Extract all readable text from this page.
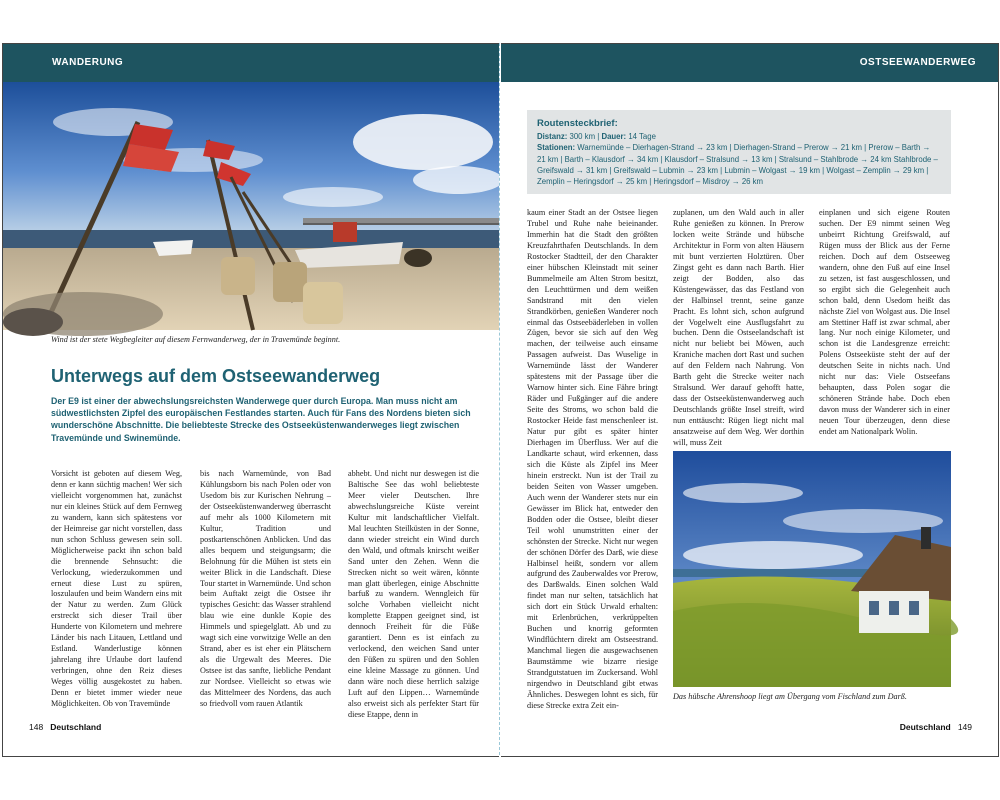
WANDERUNG
Wind ist der stete Wegbegleiter auf diesem Fernwanderweg, der in Travemünde beginnt.
Unterwegs auf dem Ostseewanderweg

Der E9 ist einer der abwechslungsreichsten Wanderwege quer durch Europa. Man muss nicht am südwestlichsten Zipfel des europäischen Festlandes starten. Auch für Fans des Nordens bieten sich wunderschöne Abschnitte. Die beliebteste Strecke des Ostseeküstenwanderweges liegt zwischen Travemünde und Swinemünde.

Vorsicht ist geboten auf diesem Weg, denn er kann süchtig machen! Wer sich vielleicht vorgenommen hat, zunächst nur ein kleines Stück auf dem Fernweg zu wandern, kann sich spätestens vor der Heimreise gar nicht vorstellen, dass nun schon Schluss gewesen sein soll. Möglicherweise packt ihn schon bald die brennende Sehnsucht: die Verlockung, wiederzukommen und erneut diese Lust zu spüren, loszulaufen und beim Wandern eins mit der Natur zu werden. Zum Glück erstreckt sich dieser Trail über Hunderte von Kilometern und mehrere Länder bis nach Litauen, Lettland und Estland. Wanderlustige können jahrelang ihre Urlaube dort laufend verbringen, ohne den Reiz dieses Weges völlig ausgekostet zu haben. Denn er bietet immer wieder neue Möglichkeiten. Ob von Travemünde

bis nach Warnemünde, von Bad Kühlungsborn bis nach Polen oder von Usedom bis zur Kurischen Nehrung – der Ostseeküstenwanderweg überrascht auf mehr als 1000 Kilometern mit Kultur, Tradition und postkartenschönen Anblicken. Und das alles bequem und steigungsarm; die Belohnung für die Mühen ist stets ein weiter Blick in die Landschaft. Diese Tour startet in Warnemünde. Und schon beim Auftakt zeigt die Ostsee ihr typisches Gesicht: das Wasser strahlend blau wie eine dunkle Kopie des Himmels und spiegelglatt. Ab und zu wagt sich eine vorwitzige Welle an den Strand, aber es ist eher ein Plätschern als die Urgewalt des Meeres. Die Ostsee ist das sanfte, liebliche Pendant zur Nordsee. Vielleicht so etwas wie das Mittelmeer des Nordens, das auch so friedvoll vom rauen Atlantik

abhebt. Und nicht nur deswegen ist die Baltische See das wohl beliebteste Meer vieler Deutschen. Ihre abwechslungsreiche Küste vereint Kultur mit landschaftlicher Vielfalt. Mal leuchten Steilküsten in der Sonne, dann wieder streicht ein Wind durch den Wald, und oftmals knirscht weißer Sand unter den Zehen. Wenn die Strecken nicht so weit wären, könnte man glatt überlegen, einige Abschnitte barfuß zu wandern. Wenngleich für solche Vorhaben vielleicht nicht komplette Etappen geeignet sind, ist dennoch Freiheit für die Füße garantiert. Denn es ist einfach zu verlockend, den weichen Sand unter den Füßen zu spüren und den Sohlen eine kleine Massage zu gönnen. Und dann wäre noch diese herrlich salzige Luft auf den Lippen… Warnemünde also erweist sich als perfekter Start für diese Etappe, denn in

148 Deutschland
OSTSEEWANDERWEG
Routensteckbrief:
Distanz: 300 km | Dauer: 14 Tage
Stationen: Warnemünde – Dierhagen-Strand → 23 km | Dierhagen-Strand – Prerow → 21 km | Prerow – Barth → 21 km | Barth – Klausdorf → 34 km | Klausdorf – Stralsund → 13 km | Stralsund – Stahlbrode → 24 km Stahlbrode – Greifswald → 31 km | Greifswald – Lubmin → 23 km | Lubmin – Wolgast → 19 km | Wolgast – Zemplin → 29 km | Zemplin – Heringsdorf → 25 km | Heringsdorf – Misdroy → 26 km

kaum einer Stadt an der Ostsee liegen Trubel und Ruhe nahe beieinander. Immerhin hat die Stadt den größten Kreuzfahrthafen Deutschlands. In dem Rostocker Stadtteil, der den Charakter einer hübschen Kleinstadt mit seiner Bummelmeile am Alten Strom besitzt, den Leuchttürmen und dem weißen Sandstrand mit den vielen Strandkörben, genießen Wanderer noch einmal das Ostseebäderleben in vollen Zügen, bevor sie sich auf den Weg machen, der teilweise auch einsame Passagen aufweist. Das Wuselige in Warnemünde lässt der Wanderer spätestens mit der Passage über die Warnow hinter sich. Eine Fähre bringt Räder und Fußgänger auf die andere Seite des Stroms, wo schon bald die Rostocker Heide fast menschenleer ist. Natur pur gibt es später hinter Dierhagen im Überfluss. Wer auf die Landkarte schaut, wird erkennen, dass sich die Küste als Zipfel ins Meer hinein erstreckt. Nun ist der Trail zu beiden Seiten von Wasser umgeben. Auch wenn der Wanderer stets nur ein Gewässer im Blick hat, entweder den Bodden oder die Ostsee, bleibt dieser Teil wohl unumstritten einer der schönsten der Strecke. Nicht nur wegen der schönen Dörfer des Darß, wie diese Halbinsel heißt, sondern vor allem aufgrund des Zauberwaldes vor Prerow, des Darßwalds. Einen solchen Wald findet man nur selten, tatsächlich hat sich dort ein Stück Urwald erhalten: mit Erlenbrüchen, verkrüppelten Buchen und knorrig geformten Windflüchtern direkt am Ostseestrand. Manchmal liegen die ausgewachsenen Baumstämme wie bizarre riesige Strandgutstatuen im Zuckersand. Wohl nirgendwo in Deutschland gibt etwas Ähnliches. Deswegen lohnt es sich, für diese Strecke extra Zeit ein-

zuplanen, um den Wald auch in aller Ruhe genießen zu können. In Prerow locken weite Strände und hübsche Architektur in Form von alten Häusern mit bunt verzierten Holztüren. Über Zingst geht es dann nach Barth. Hier zeigt der Bodden, also das Küstengewässer, das das Festland von der Halbinsel trennt, seine ganze Pracht. Es lohnt sich, schon aufgrund der Vogelwelt eine Ausflugsfahrt zu buchen. Denn die Ostseelandschaft ist nicht nur beliebt bei Möwen, auch Kraniche machen dort Rast und suchen auf den Feldern nach Nahrung. Von Barth geht die Strecke weiter nach Stralsund. Wer darauf gehofft hatte, dass der Ostseeküstenwanderweg auch Deutschlands größte Insel streift, wird nun enttäuscht: Rügen liegt nicht mal ansatzweise auf dem Weg. Wer dorthin will, muss Zeit

einplanen und sich eigene Routen suchen. Der E9 nimmt seinen Weg unbeirrt Richtung Greifswald, auf Rügen muss der Blick aus der Ferne reichen. Doch auf dem Ostseeweg wandern, ohne den Fuß auf eine Insel zu setzen, ist fast ausgeschlossen, und so ergibt sich die Gelegenheit auch schon bald, denn Usedom heißt das nächste Ziel von Wolgast aus. Die Insel am Stettiner Haff ist zwar schmal, aber lang. Nur noch einige Kilometer, und schon ist die Landesgrenze erreicht: Polens Ostseeküste steht der auf der deutschen Seite in nichts nach. Und nicht nur das: Viele Ostseefans behaupten, dass Polen sogar die schöneren Strände habe. Doch eben davon muss der Wanderer sich in einer neuen Tour überzeugen, denn diese endet am Nationalpark Wolin.

Das hübsche Ahrenshoop liegt am Übergang vom Fischland zum Darß.
Deutschland 149
